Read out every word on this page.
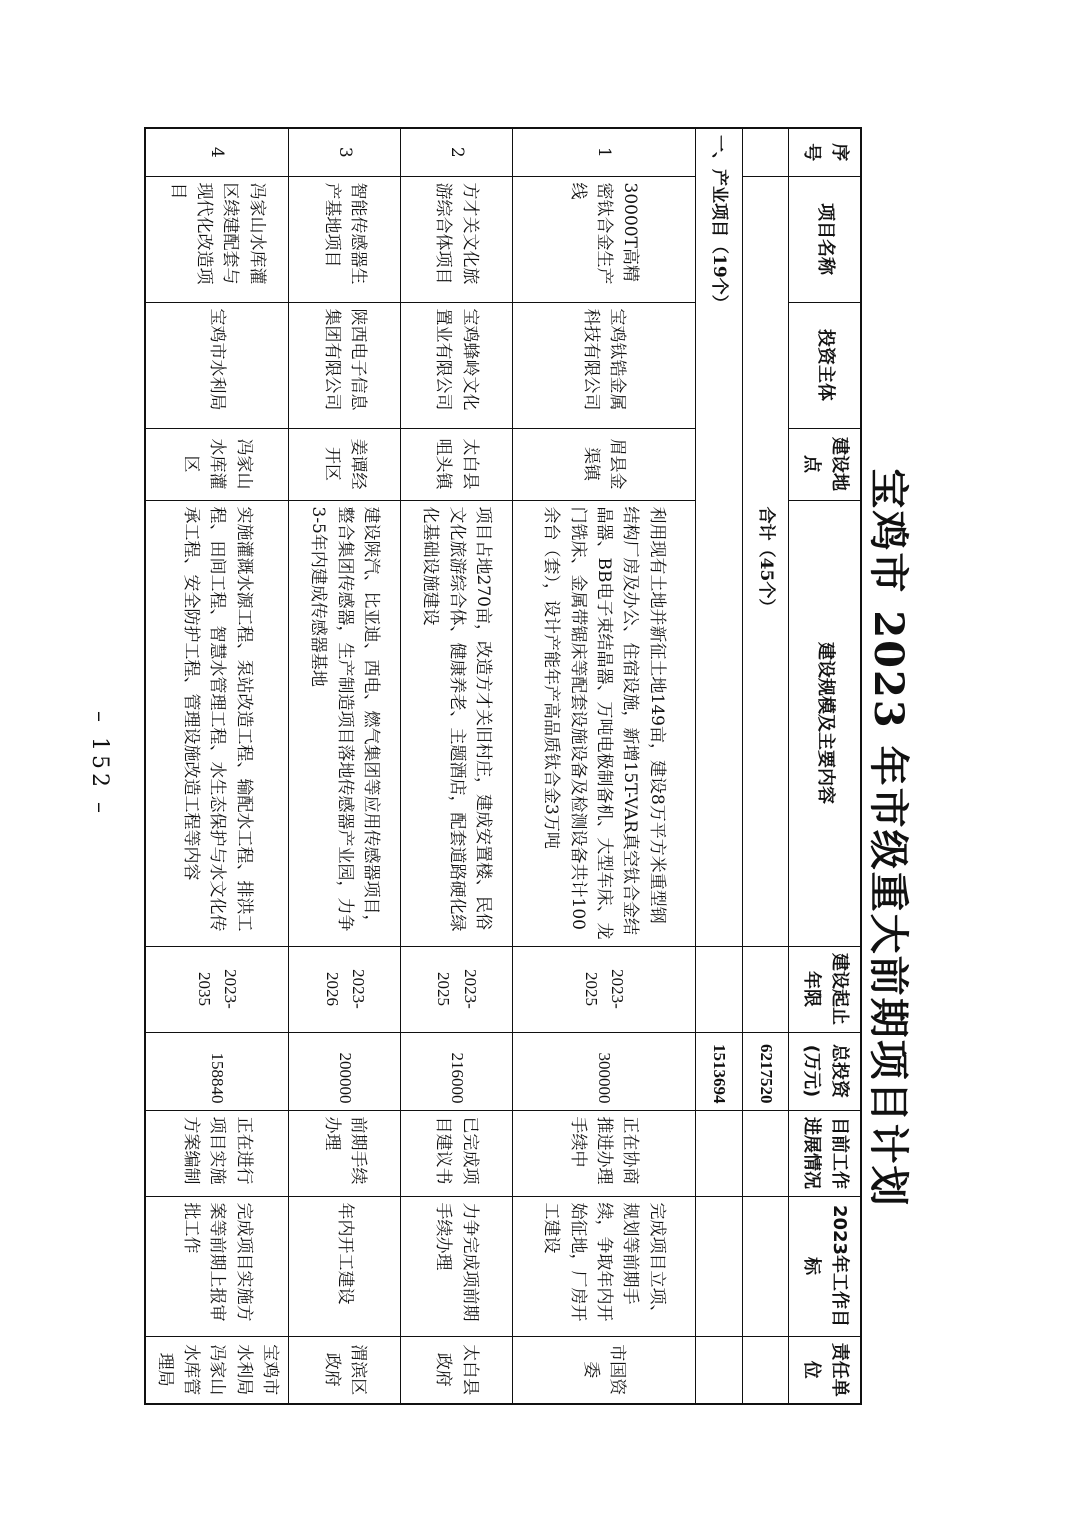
宝鸡市 2023 年市级重大前期项目计划
序号	项目名称	投资主体	建设地点	建设规模及主要内容	建设起止年限	总投资(万元)	目前工作进展情况	2023年工作目标	责任单位
	合计（45个）					6217520			
一、产业项目（19个）						1513694			
1	30000T高精密钛合金生产线	宝鸡钛锆金属科技有限公司	眉县金渠镇	利用现有土地并新征土地149亩，建设8万平方米重型钢结构厂房及办公、住宿设施，新增15T-VAR真空钛合金结晶器、BB电子束结晶器、万吨电极制备机、大型车床、龙门铣床、金属带锯床等配套设施设备及检测设备共计100余台（套），设计产能年产高品质钛合金3万吨	2023-2025	300000	正在协商推进办理手续中	完成项目立项、规划等前期手续，争取年内开始征地，厂房开工建设	市国资委
2	方才关文化旅游综合体项目	宝鸡蜂岭文化置业有限公司	太白县咀头镇	项目占地270亩，改造方才关旧村庄，建成安置楼、民俗文化旅游综合体、健康养老、主题酒店，配套道路硬化绿化基础设施建设	2023-2025	216000	已完成项目建议书	力争完成项前期手续办理	太白县政府
3	智能传感器生产基地项目	陕西电子信息集团有限公司	姜谭经开区	建设陕汽、比亚迪、西电、燃气集团等应用传感器项目，整合集团传感器，生产制造项目落地传感器产业园，力争3-5年内建成传感器基地	2023-2026	200000	前期手续办理	年内开工建设	渭滨区政府
4	冯家山水库灌区续建配套与现代化改造项目	宝鸡市水利局	冯家山水库灌区	实施灌溉水源工程、泵站改造工程、输配水工程、排洪工程、田间工程、智慧水管理工程、水生态保护与水文化传承工程、安全防护工程、管理设施改造工程等内容	2023-2035	158840	正在进行项目实施方案编制	完成项目实施方案等前期上报审批工作	宝鸡市水利局冯家山水库管理局
– 152 –
